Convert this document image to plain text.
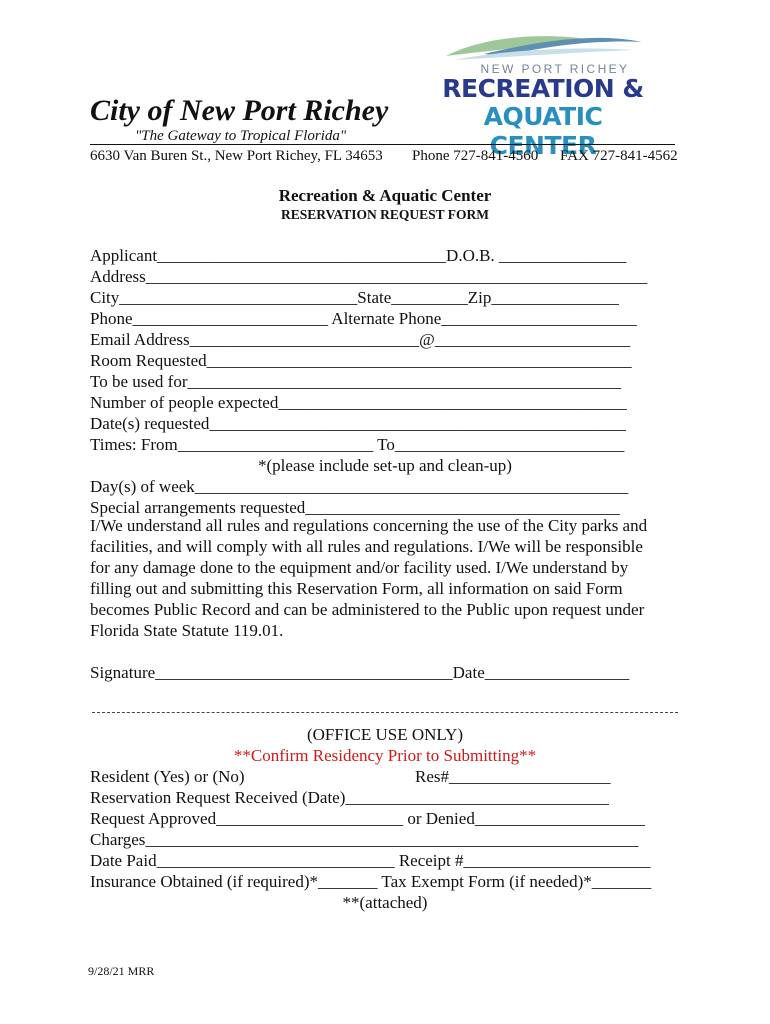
NEW PORT RICHEY
RECREATION &
AQUATIC CENTER
City of New Port Richey
"The Gateway to Tropical Florida"
6630 Van Buren St., New Port Richey, FL 34653 Phone 727-841-4560 FAX 727-841-4562
Recreation & Aquatic Center
RESERVATION REQUEST FORM
Applicant__________________________________D.O.B. _______________
Address___________________________________________________________
City____________________________State_________Zip_______________
Phone_______________________ Alternate Phone_______________________
Email Address___________________________@_______________________
Room Requested__________________________________________________
To be used for___________________________________________________
Number of people expected_________________________________________
Date(s) requested_________________________________________________
Times: From_______________________ To___________________________
*(please include set-up and clean-up)
Day(s) of week___________________________________________________
Special arrangements requested_____________________________________
I/We understand all rules and regulations concerning the use of the City parks and
facilities, and will comply with all rules and regulations. I/We will be responsible
for any damage done to the equipment and/or facility used. I/We understand by
filling out and submitting this Reservation Form, all information on said Form
becomes Public Record and can be administered to the Public upon request under
Florida State Statute 119.01.
Signature___________________________________Date_________________
(OFFICE USE ONLY)
**Confirm Residency Prior to Submitting**
Resident (Yes) or (No)	Res#___________________
Reservation Request Received (Date)_______________________________
Request Approved______________________ or Denied____________________
Charges__________________________________________________________
Date Paid____________________________ Receipt #______________________
Insurance Obtained (if required)*_______ Tax Exempt Form (if needed)*_______
**(attached)
9/28/21 MRR
